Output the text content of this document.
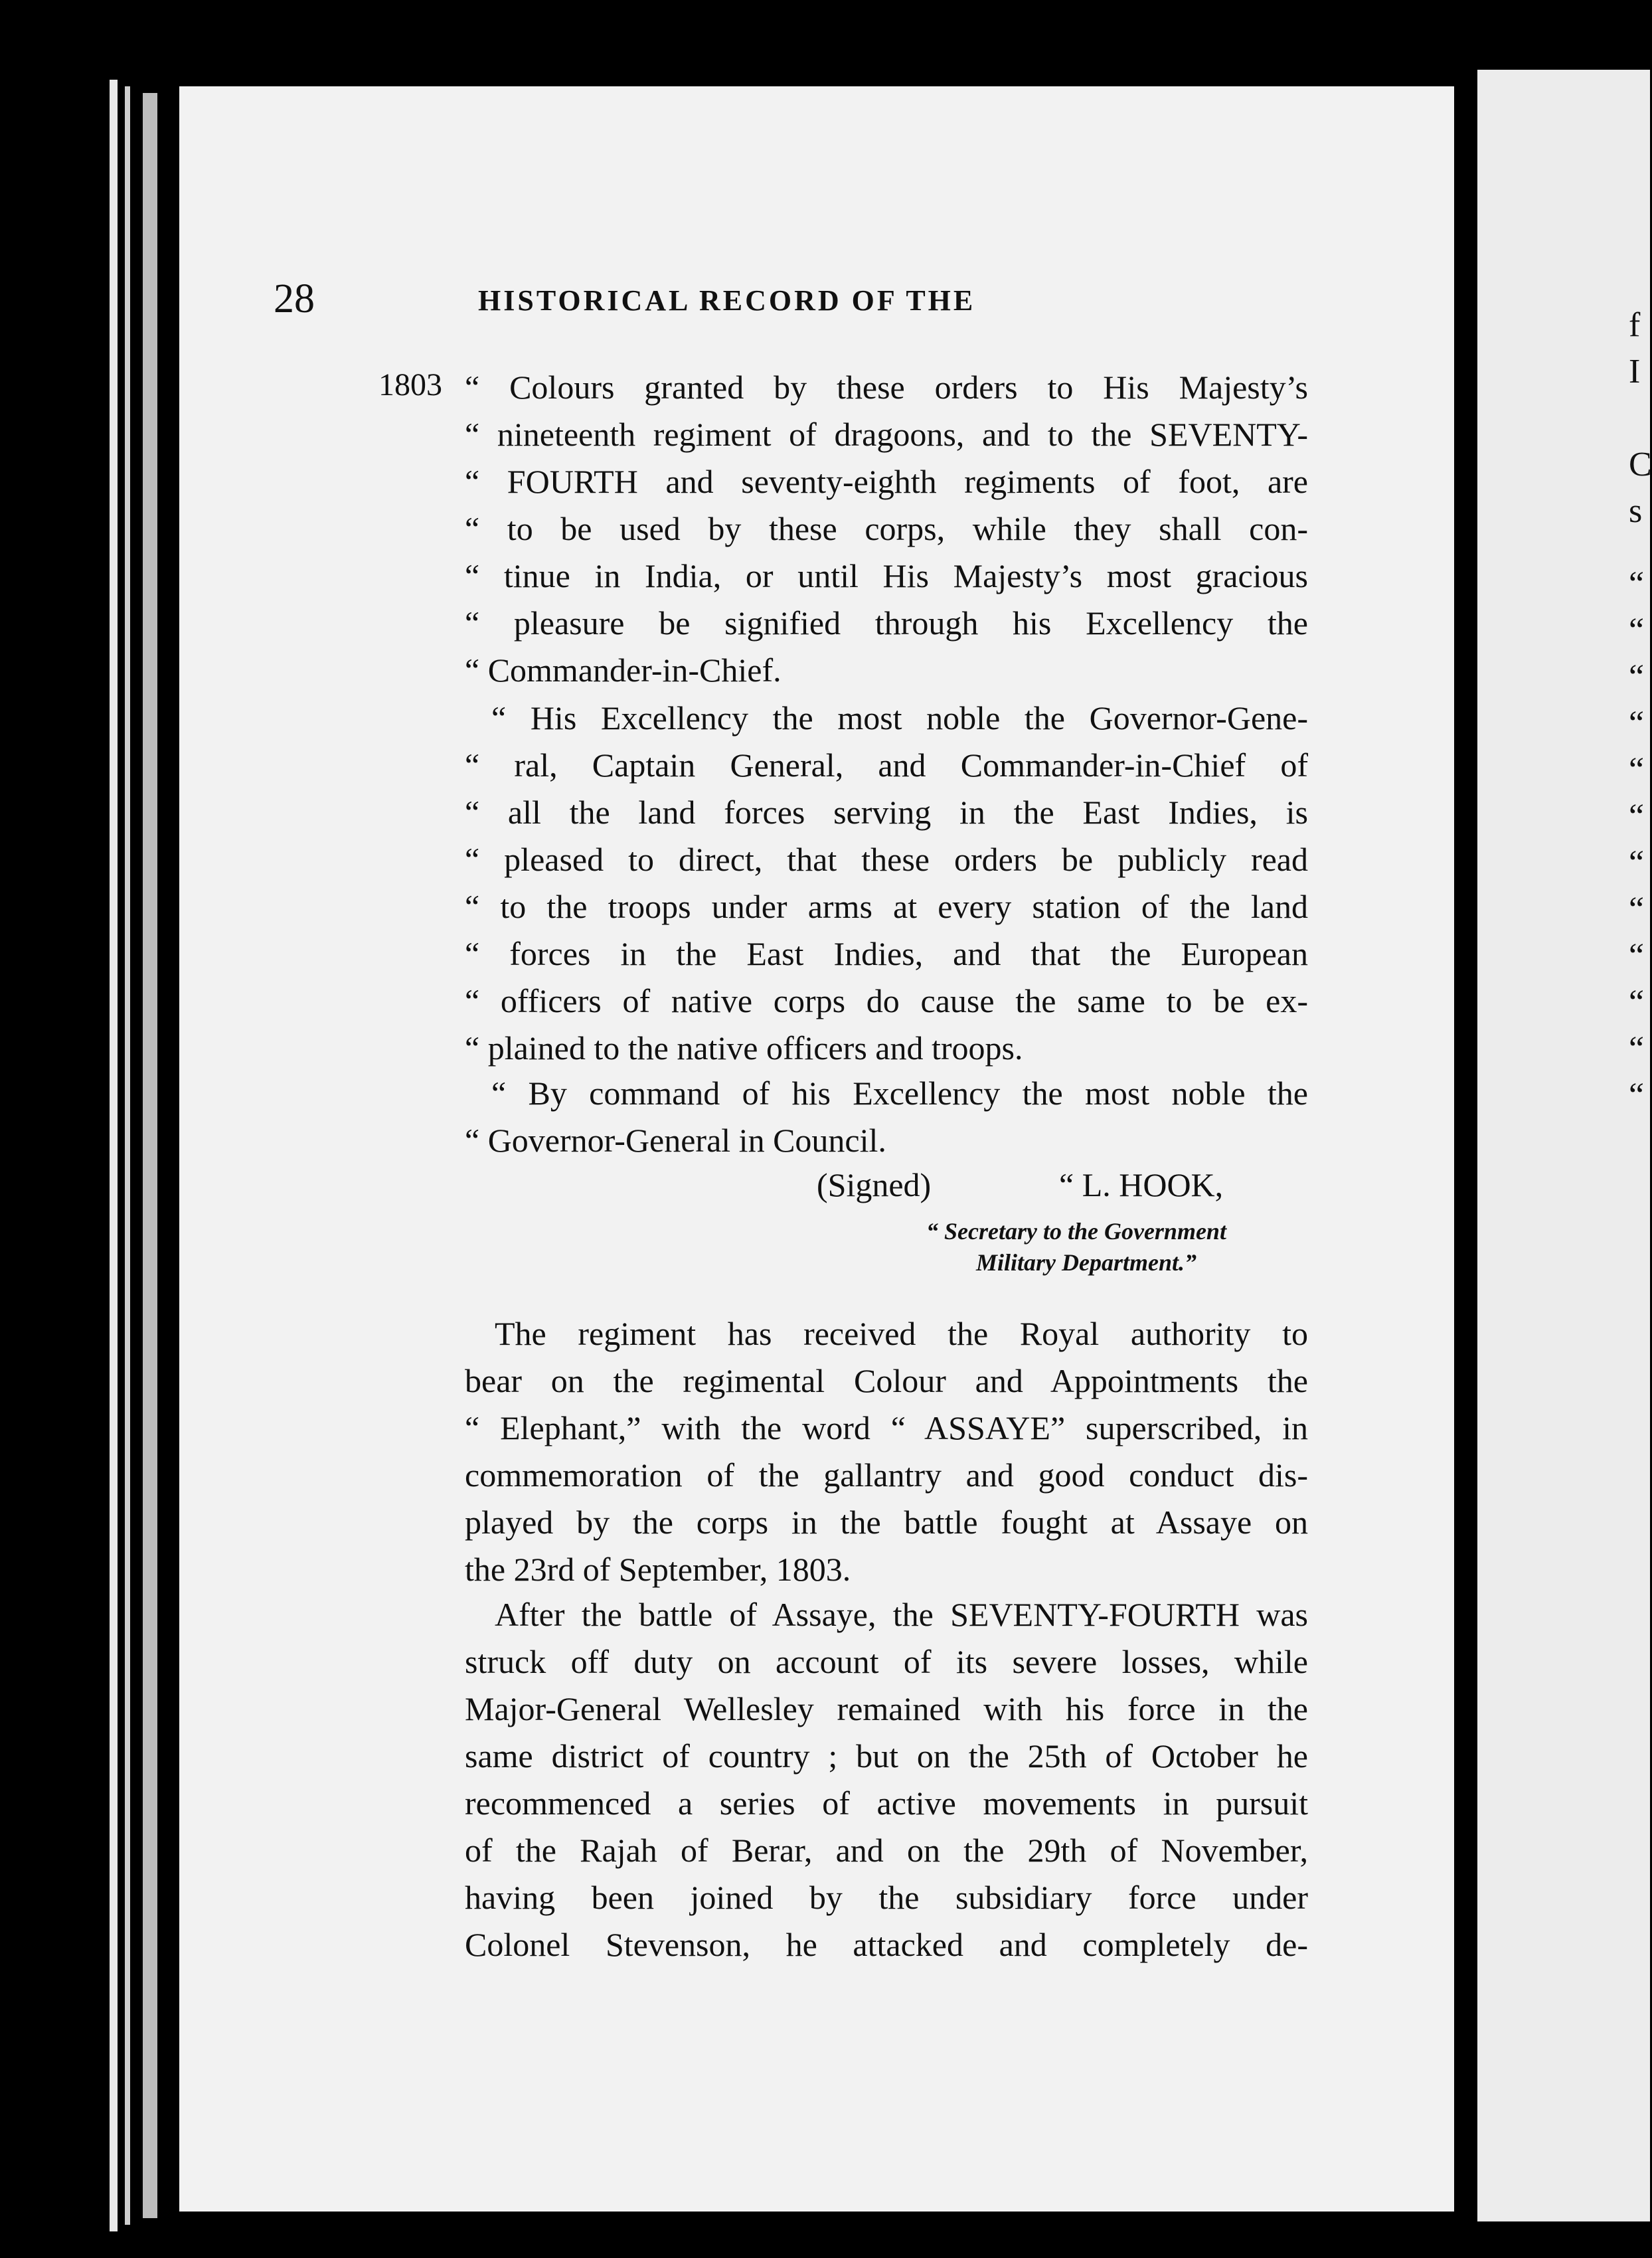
f
I
C
s
“
“
“
“
“
“
“
“
“
“
“
“
28	HISTORICAL RECORD OF THE
1803 “ Colours granted by these orders to His Majesty’s
“ nineteenth regiment of dragoons, and to the SEVENTY-
“ FOURTH and seventy-eighth regiments of foot, are
“ to be used by these corps, while they shall con-
“ tinue in India, or until His Majesty’s most gracious
“ pleasure be signified through his Excellency the
“ Commander-in-Chief.
“ His Excellency the most noble the Governor-Gene-
“ ral, Captain General, and Commander-in-Chief of
“ all the land forces serving in the East Indies, is
“ pleased to direct, that these orders be publicly read
“ to the troops under arms at every station of the land
“ forces in the East Indies, and that the European
“ officers of native corps do cause the same to be ex-
“ plained to the native officers and troops.
“ By command of his Excellency the most noble the
“ Governor-General in Council.
(Signed)	“ L. HOOK,
“ Secretary to the Government
Military Department.”
The regiment has received the Royal authority to
bear on the regimental Colour and Appointments the
“ Elephant,” with the word “ ASSAYE” superscribed, in
commemoration of the gallantry and good conduct dis-
played by the corps in the battle fought at Assaye on
the 23rd of September, 1803.
After the battle of Assaye, the SEVENTY-FOURTH was
struck off duty on account of its severe losses, while
Major-General Wellesley remained with his force in the
same district of country ; but on the 25th of October he
recommenced a series of active movements in pursuit
of the Rajah of Berar, and on the 29th of November,
having been joined by the subsidiary force under
Colonel Stevenson, he attacked and completely de-
